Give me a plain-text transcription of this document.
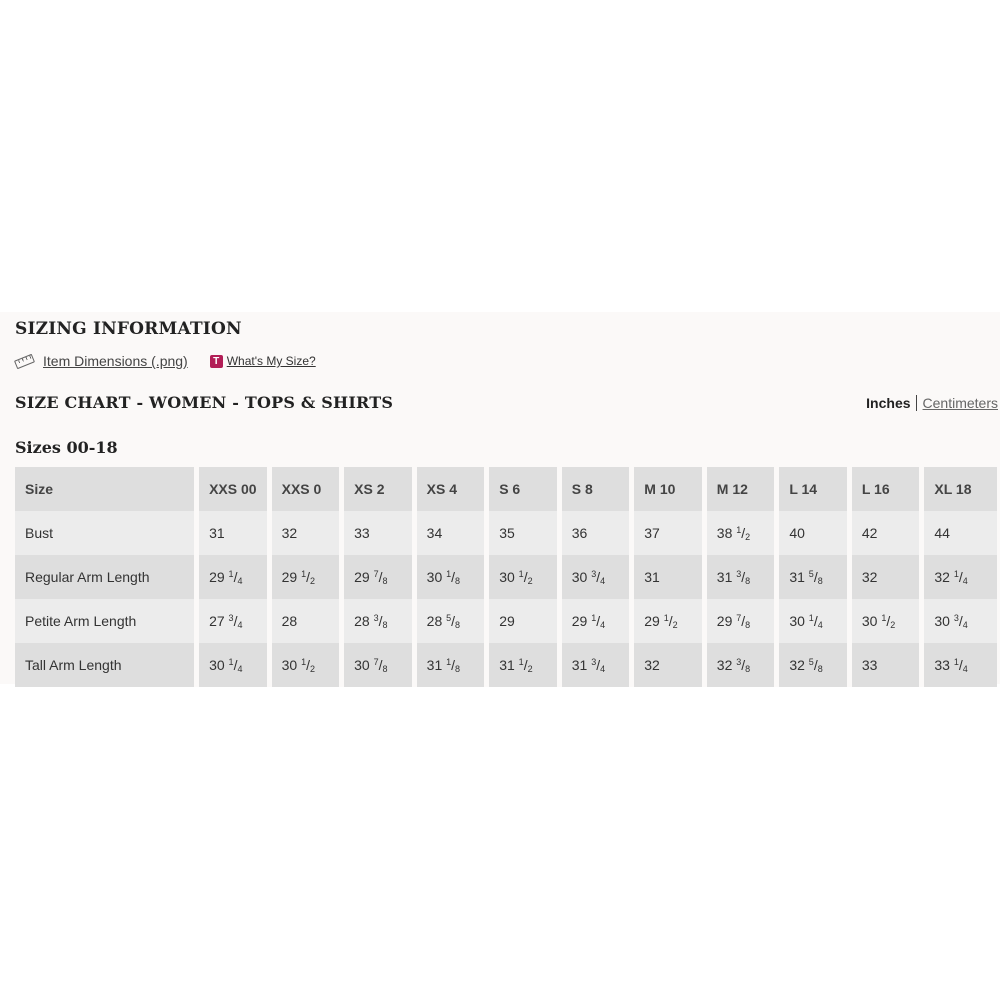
SIZING INFORMATION
Item Dimensions (.png)	T What's My Size?
SIZE CHART - WOMEN - TOPS & SHIRTS	Inches Centimeters
Sizes 00-18
Size	XXS 00	XXS 0	XS 2	XS 4	S 6	S 8	M 10	M 12	L 14	L 16	XL 18
Bust	31	32	33	34	35	36	37	38 $^1/_2$	40	42	44
Regular Arm Length	29 $^1/_4$	29 $^1/_2$	29 $^7/_8$	30 $^1/_8$	30 $^1/_2$	30 $^3/_4$	31	31 $^3/_8$	31 $^5/_8$	32	32 $^1/_4$
Petite Arm Length	27 $^3/_4$	28	28 $^3/_8$	28 $^5/_8$	29	29 $^1/_4$	29 $^1/_2$	29 $^7/_8$	30 $^1/_4$	30 $^1/_2$	30 $^3/_4$
Tall Arm Length	30 $^1/_4$	30 $^1/_2$	30 $^7/_8$	31 $^1/_8$	31 $^1/_2$	31 $^3/_4$	32	32 $^3/_8$	32 $^5/_8$	33	33 $^1/_4$
